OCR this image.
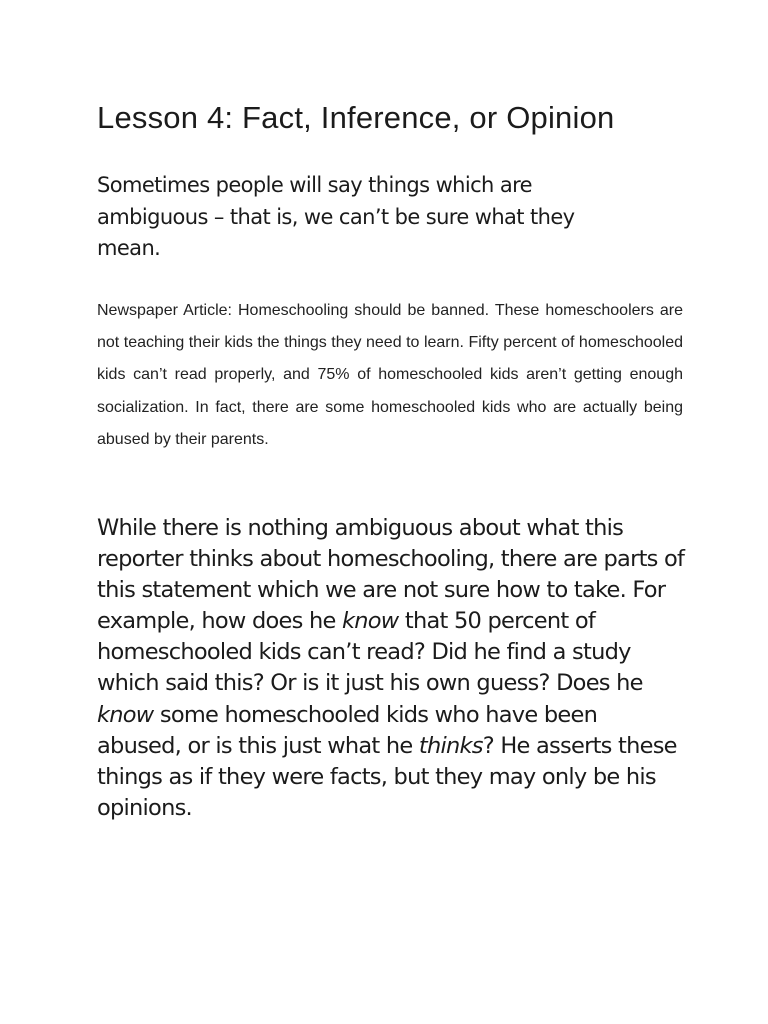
Lesson 4: Fact, Inference, or Opinion

Sometimes people will say things which are ambiguous – that is, we can’t be sure what they mean.

Newspaper Article: Homeschooling should be banned. These homeschoolers are not teaching their kids the things they need to learn. Fifty percent of homeschooled kids can’t read properly, and 75% of homeschooled kids aren’t getting enough socialization. In fact, there are some homeschooled kids who are actually being abused by their parents.

While there is nothing ambiguous about what this reporter thinks about homeschooling, there are parts of this statement which we are not sure how to take. For example, how does he know that 50 percent of homeschooled kids can’t read? Did he find a study which said this? Or is it just his own guess? Does he know some homeschooled kids who have been abused, or is this just what he thinks? He asserts these things as if they were facts, but they may only be his opinions.
